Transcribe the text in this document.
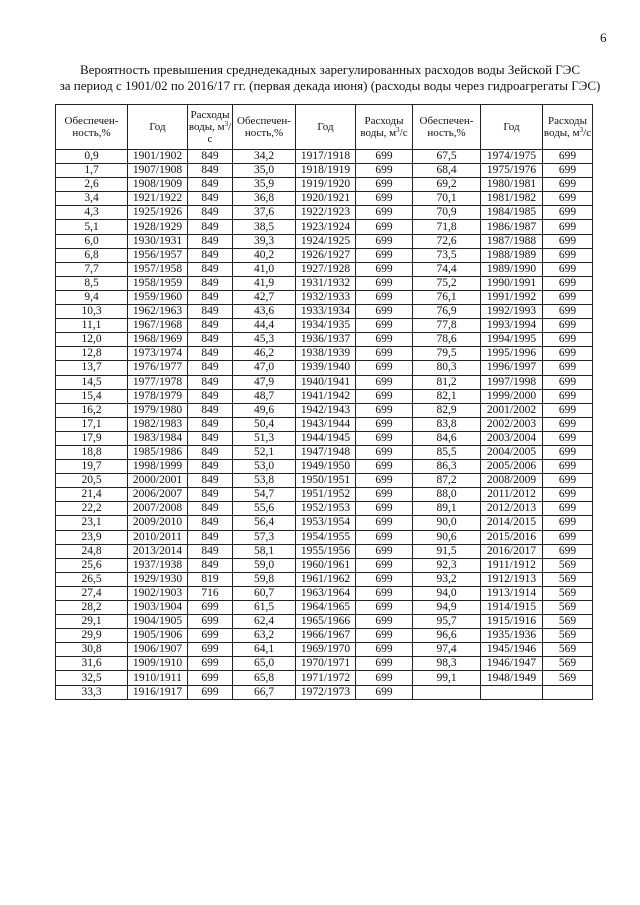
6
Вероятность превышения среднедекадных зарегулированных расходов воды Зейской ГЭС
за период с 1901/02 по 2016/17 гг. (первая декада июня) (расходы воды через гидроагрегаты ГЭС)
Обеспечен-ность,%	Год	Расходы воды, $м^3/с$	Обеспечен-ность,%	Год	Расходы воды, $м^3/с$	Обеспечен-ность,%	Год	Расходы воды, $м^3/с$
0,9	1901/1902	849	34,2	1917/1918	699	67,5	1974/1975	699
1,7	1907/1908	849	35,0	1918/1919	699	68,4	1975/1976	699
2,6	1908/1909	849	35,9	1919/1920	699	69,2	1980/1981	699
3,4	1921/1922	849	36,8	1920/1921	699	70,1	1981/1982	699
4,3	1925/1926	849	37,6	1922/1923	699	70,9	1984/1985	699
5,1	1928/1929	849	38,5	1923/1924	699	71,8	1986/1987	699
6,0	1930/1931	849	39,3	1924/1925	699	72,6	1987/1988	699
6,8	1956/1957	849	40,2	1926/1927	699	73,5	1988/1989	699
7,7	1957/1958	849	41,0	1927/1928	699	74,4	1989/1990	699
8,5	1958/1959	849	41,9	1931/1932	699	75,2	1990/1991	699
9,4	1959/1960	849	42,7	1932/1933	699	76,1	1991/1992	699
10,3	1962/1963	849	43,6	1933/1934	699	76,9	1992/1993	699
11,1	1967/1968	849	44,4	1934/1935	699	77,8	1993/1994	699
12,0	1968/1969	849	45,3	1936/1937	699	78,6	1994/1995	699
12,8	1973/1974	849	46,2	1938/1939	699	79,5	1995/1996	699
13,7	1976/1977	849	47,0	1939/1940	699	80,3	1996/1997	699
14,5	1977/1978	849	47,9	1940/1941	699	81,2	1997/1998	699
15,4	1978/1979	849	48,7	1941/1942	699	82,1	1999/2000	699
16,2	1979/1980	849	49,6	1942/1943	699	82,9	2001/2002	699
17,1	1982/1983	849	50,4	1943/1944	699	83,8	2002/2003	699
17,9	1983/1984	849	51,3	1944/1945	699	84,6	2003/2004	699
18,8	1985/1986	849	52,1	1947/1948	699	85,5	2004/2005	699
19,7	1998/1999	849	53,0	1949/1950	699	86,3	2005/2006	699
20,5	2000/2001	849	53,8	1950/1951	699	87,2	2008/2009	699
21,4	2006/2007	849	54,7	1951/1952	699	88,0	2011/2012	699
22,2	2007/2008	849	55,6	1952/1953	699	89,1	2012/2013	699
23,1	2009/2010	849	56,4	1953/1954	699	90,0	2014/2015	699
23,9	2010/2011	849	57,3	1954/1955	699	90,6	2015/2016	699
24,8	2013/2014	849	58,1	1955/1956	699	91,5	2016/2017	699
25,6	1937/1938	849	59,0	1960/1961	699	92,3	1911/1912	569
26,5	1929/1930	819	59,8	1961/1962	699	93,2	1912/1913	569
27,4	1902/1903	716	60,7	1963/1964	699	94,0	1913/1914	569
28,2	1903/1904	699	61,5	1964/1965	699	94,9	1914/1915	569
29,1	1904/1905	699	62,4	1965/1966	699	95,7	1915/1916	569
29,9	1905/1906	699	63,2	1966/1967	699	96,6	1935/1936	569
30,8	1906/1907	699	64,1	1969/1970	699	97,4	1945/1946	569
31,6	1909/1910	699	65,0	1970/1971	699	98,3	1946/1947	569
32,5	1910/1911	699	65,8	1971/1972	699	99,1	1948/1949	569
33,3	1916/1917	699	66,7	1972/1973	699			
